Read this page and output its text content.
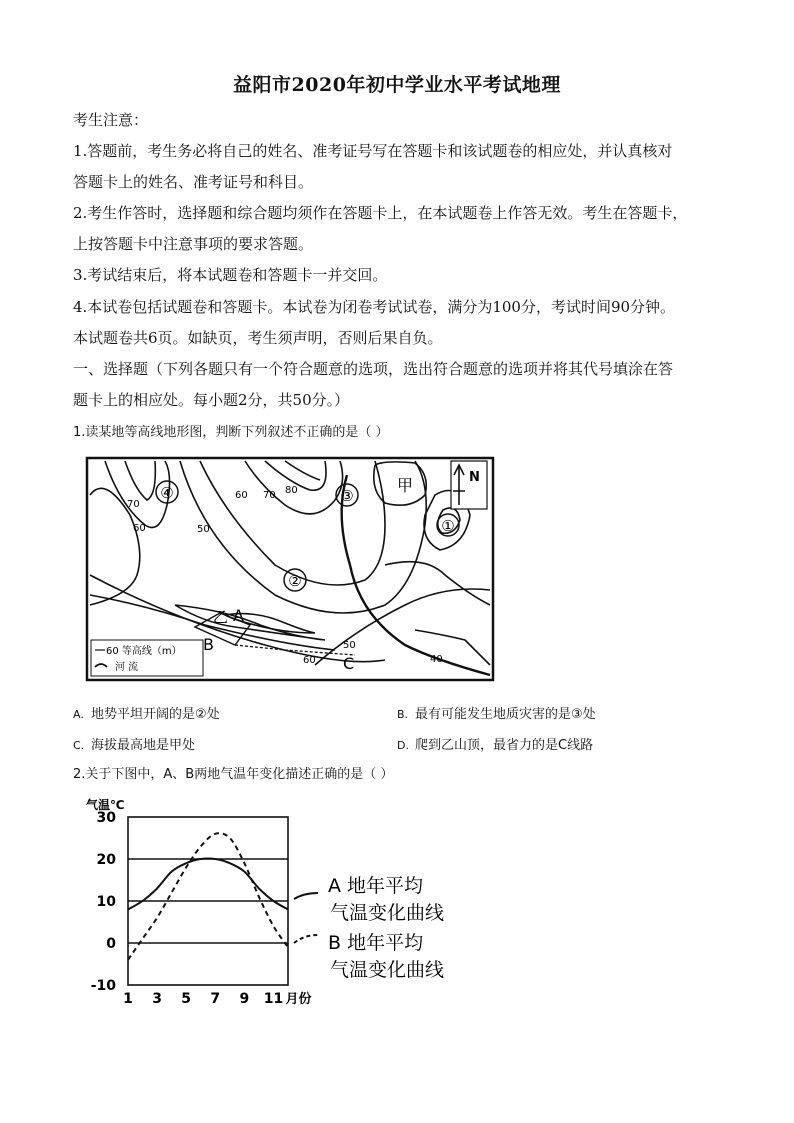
益阳市2020年初中学业水平考试地理
考生注意：
1.答题前，考生务必将自己的姓名、准考证号写在答题卡和该试题卷的相应处，并认真核对
答题卡上的姓名、准考证号和科目。
2.考生作答时，选择题和综合题均须作在答题卡上，在本试题卷上作答无效。考生在答题卡，
上按答题卡中注意事项的要求答题。
3.考试结束后，将本试题卷和答题卡一并交回。
4.本试卷包括试题卷和答题卡。本试卷为闭卷考试试卷，满分为100分，考试时间90分钟。
本试题卷共6页。如缺页，考生须声明，否则后果自负。
一、选择题（下列各题只有一个符合题意的选项，选出符合题意的选项并将其代号填涂在答
题卡上的相应处。每小题2分，共50分。）
1.读某地等高线地形图，判断下列叙述不正确的是（ ）
④	③
②
①
甲
乙 A
B
C
70
60	50
60 70 80
50
60	40
N
60 等高线（m）
河 流
A. 地势平坦开阔的是②处	B. 最有可能发生地质灾害的是③处
C. 海拔最高地是甲处	D. 爬到乙山顶，最省力的是C线路
2.关于下图中，A、B两地气温年变化描述正确的是（ ）
气温℃
30
20
10
0
-10
1 3 5 7 9 11 月份
A 地年平均
气温变化曲线
B 地年平均
气温变化曲线
